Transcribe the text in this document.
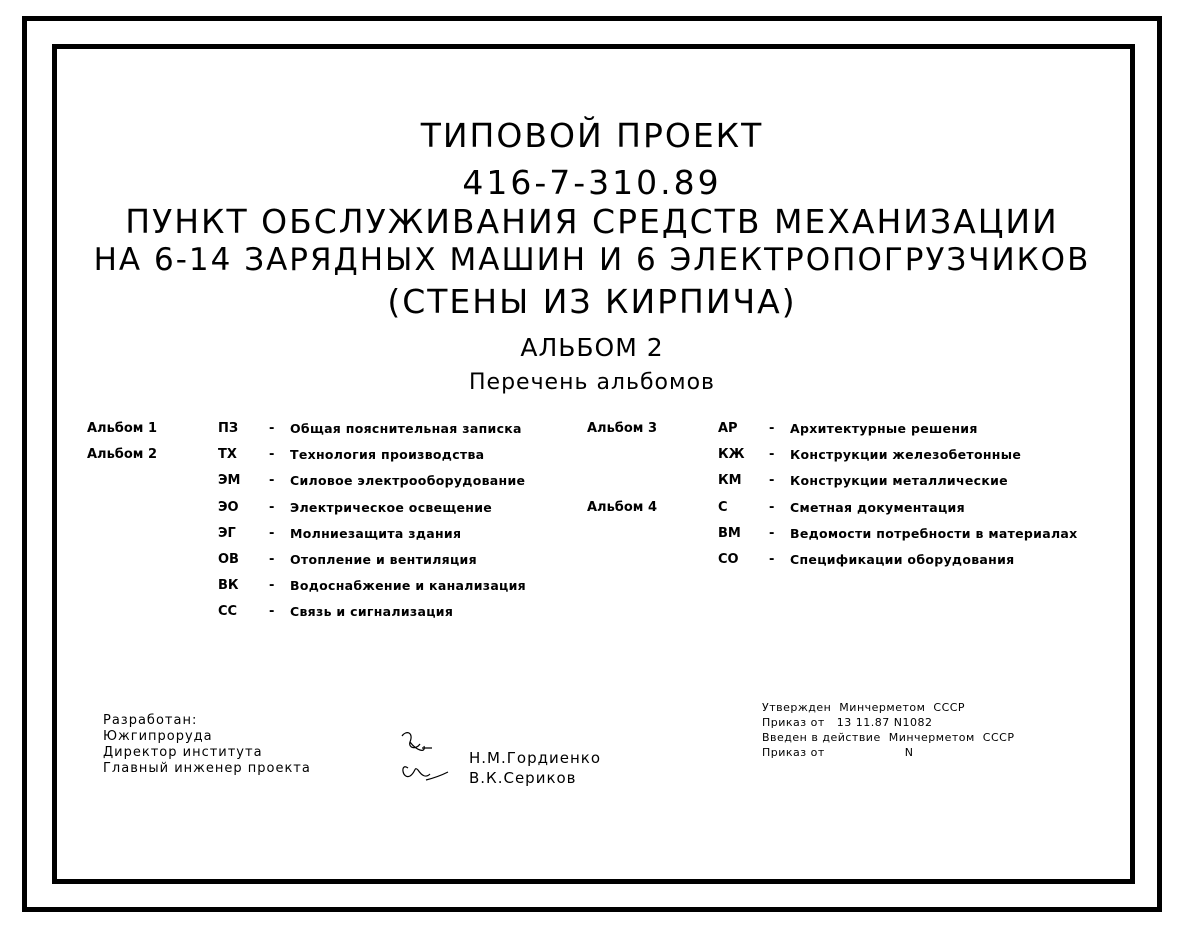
ТИПОВОЙ ПРОЕКТ
416-7-310.89
ПУНКТ ОБСЛУЖИВАНИЯ СРЕДСТВ МЕХАНИЗАЦИИ
НА 6-14 ЗАРЯДНЫХ МАШИН И 6 ЭЛЕКТРОПОГРУЗЧИКОВ
(СТЕНЫ ИЗ КИРПИЧА)
АЛЬБОМ 2
Перечень альбомов
Альбом 1	ПЗ - Общая пояснительная записка
Альбом 2	ТХ - Технология производства
ЭМ - Силовое электрооборудование
ЭО - Электрическое освещение
ЭГ	- Молниезащита здания
ОВ - Отопление и вентиляция
ВК - Водоснабжение и канализация
СС - Связь и сигнализация
Альбом 3	АР - Архитектурные решения
КЖ - Конструкции железобетонные
КМ - Конструкции металлические
Альбом 4	С	- Сметная документация
ВМ - Ведомости потребности в материалах
СО - Спецификации оборудования
Разработан:
Южгипроруда
Директор института
Главный инженер проекта
Н.М.Гордиенко
В.К.Сериков
Утвержден  Минчерметом  СССР
Приказ от   13 11.87 N1082
Введен в действие  Минчерметом  СССР
Приказ от                    N
